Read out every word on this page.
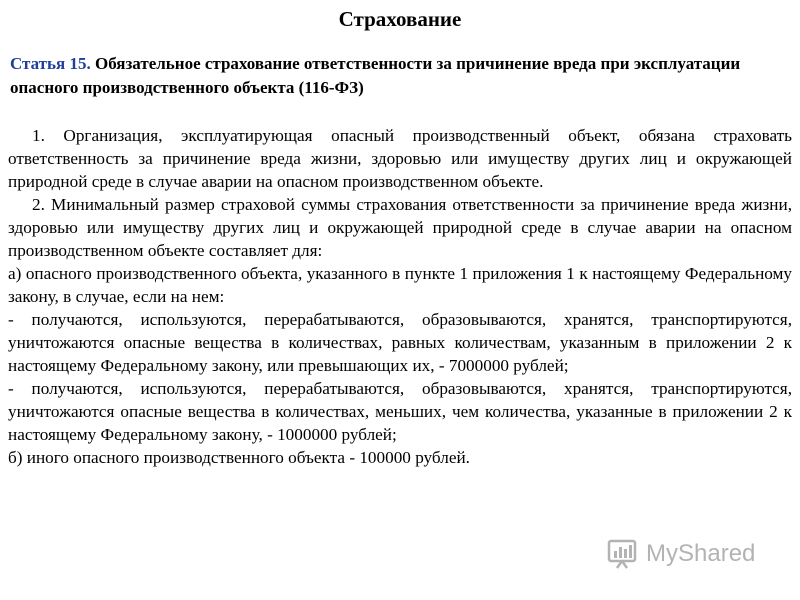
Страхование
Статья 15. Обязательное страхование ответственности за причинение вреда при эксплуатации опасного производственного объекта (116-ФЗ)

1. Организация, эксплуатирующая опасный производственный объект, обязана страховать ответственность за причинение вреда жизни, здоровью или имуществу других лиц и окружающей природной среде в случае аварии на опасном производственном объекте.

2. Минимальный размер страховой суммы страхования ответственности за причинение вреда жизни, здоровью или имуществу других лиц и окружающей природной среде в случае аварии на опасном производственном объекте составляет для:

а) опасного производственного объекта, указанного в пункте 1 приложения 1 к настоящему Федеральному закону, в случае, если на нем:

- получаются, используются, перерабатываются, образовываются, хранятся, транспортируются, уничтожаются опасные вещества в количествах, равных количествам, указанным в приложении 2 к настоящему Федеральному закону, или превышающих их, - 7000000 рублей;

- получаются, используются, перерабатываются, образовываются, хранятся, транспортируются, уничтожаются опасные вещества в количествах, меньших, чем количества, указанные в приложении 2 к настоящему Федеральному закону, - 1000000 рублей;

б) иного опасного производственного объекта - 100000 рублей.

MyShared
